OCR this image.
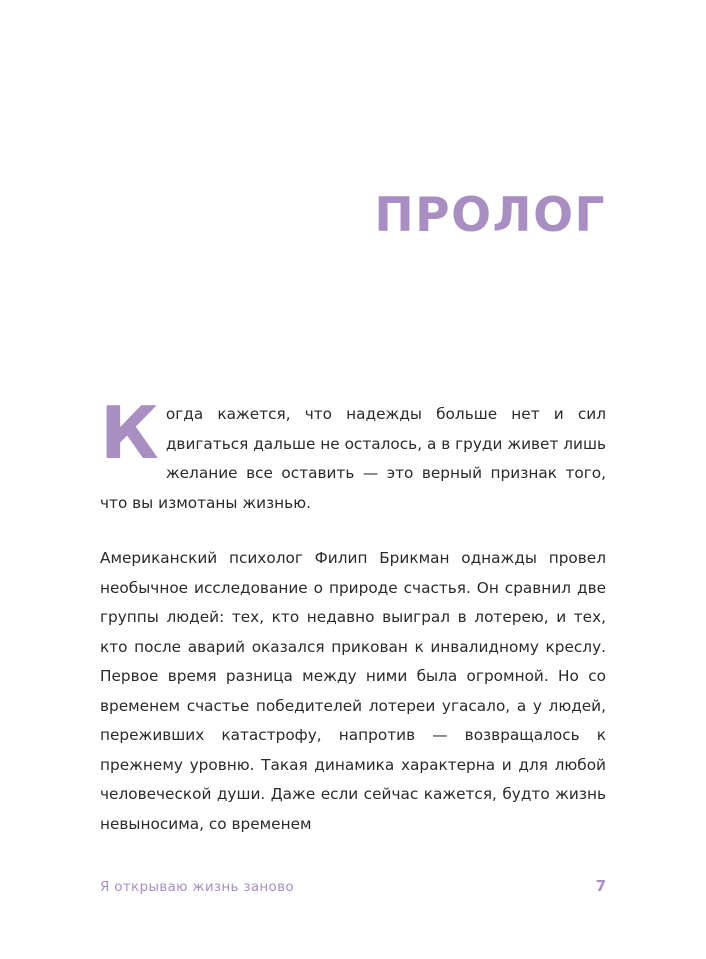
ПРОЛОГ

Когда кажется, что надежды больше нет и сил двигаться дальше не осталось, а в груди живет лишь желание все оставить — это верный признак того, что вы измотаны жизнью.

Американский психолог Филип Брикман однажды провел необычное исследование о природе счастья. Он сравнил две группы людей: тех, кто недавно выиграл в лотерею, и тех, кто после аварий оказался прикован к инвалидному креслу. Первое время разница между ними была огромной. Но со временем счастье победителей лотереи угасало, а у людей, переживших катастрофу, напротив — возвращалось к прежнему уровню. Такая динамика характерна и для любой человеческой души. Даже если сейчас кажется, будто жизнь невыносима, со временем

Я открываю жизнь заново	7
